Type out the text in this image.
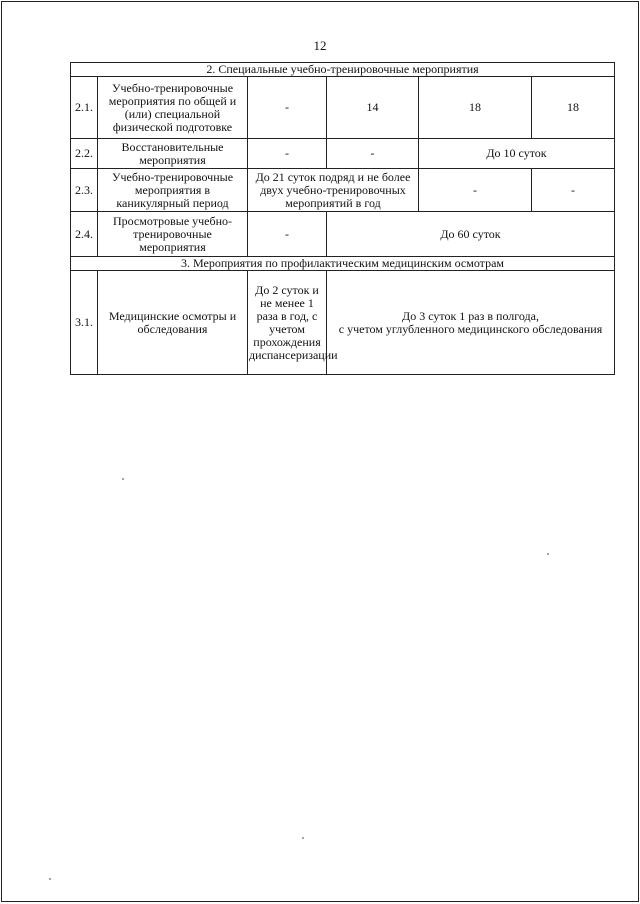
12
2. Специальные учебно-тренировочные мероприятия					
2.1.	Учебно-тренировочные мероприятия по общей и (или) специальной физической подготовке	-	14	18	18
2.2.	Восстановительные мероприятия	-	-	До 10 суток	
2.3.	Учебно-тренировочные мероприятия в каникулярный период	До 21 суток подряд и не более двух учебно-тренировочных мероприятий в год		-	-
2.4.	Просмотровые учебно-тренировочные мероприятия	-	До 60 суток		
3. Мероприятия по профилактическим медицинским осмотрам					
3.1.	Медицинские осмотры и обследования	До 2 суток и не менее 1 раза в год, с учетом прохождения диспансеризации	До 3 суток 1 раз в полгода,
с учетом углубленного медицинского обследования		
